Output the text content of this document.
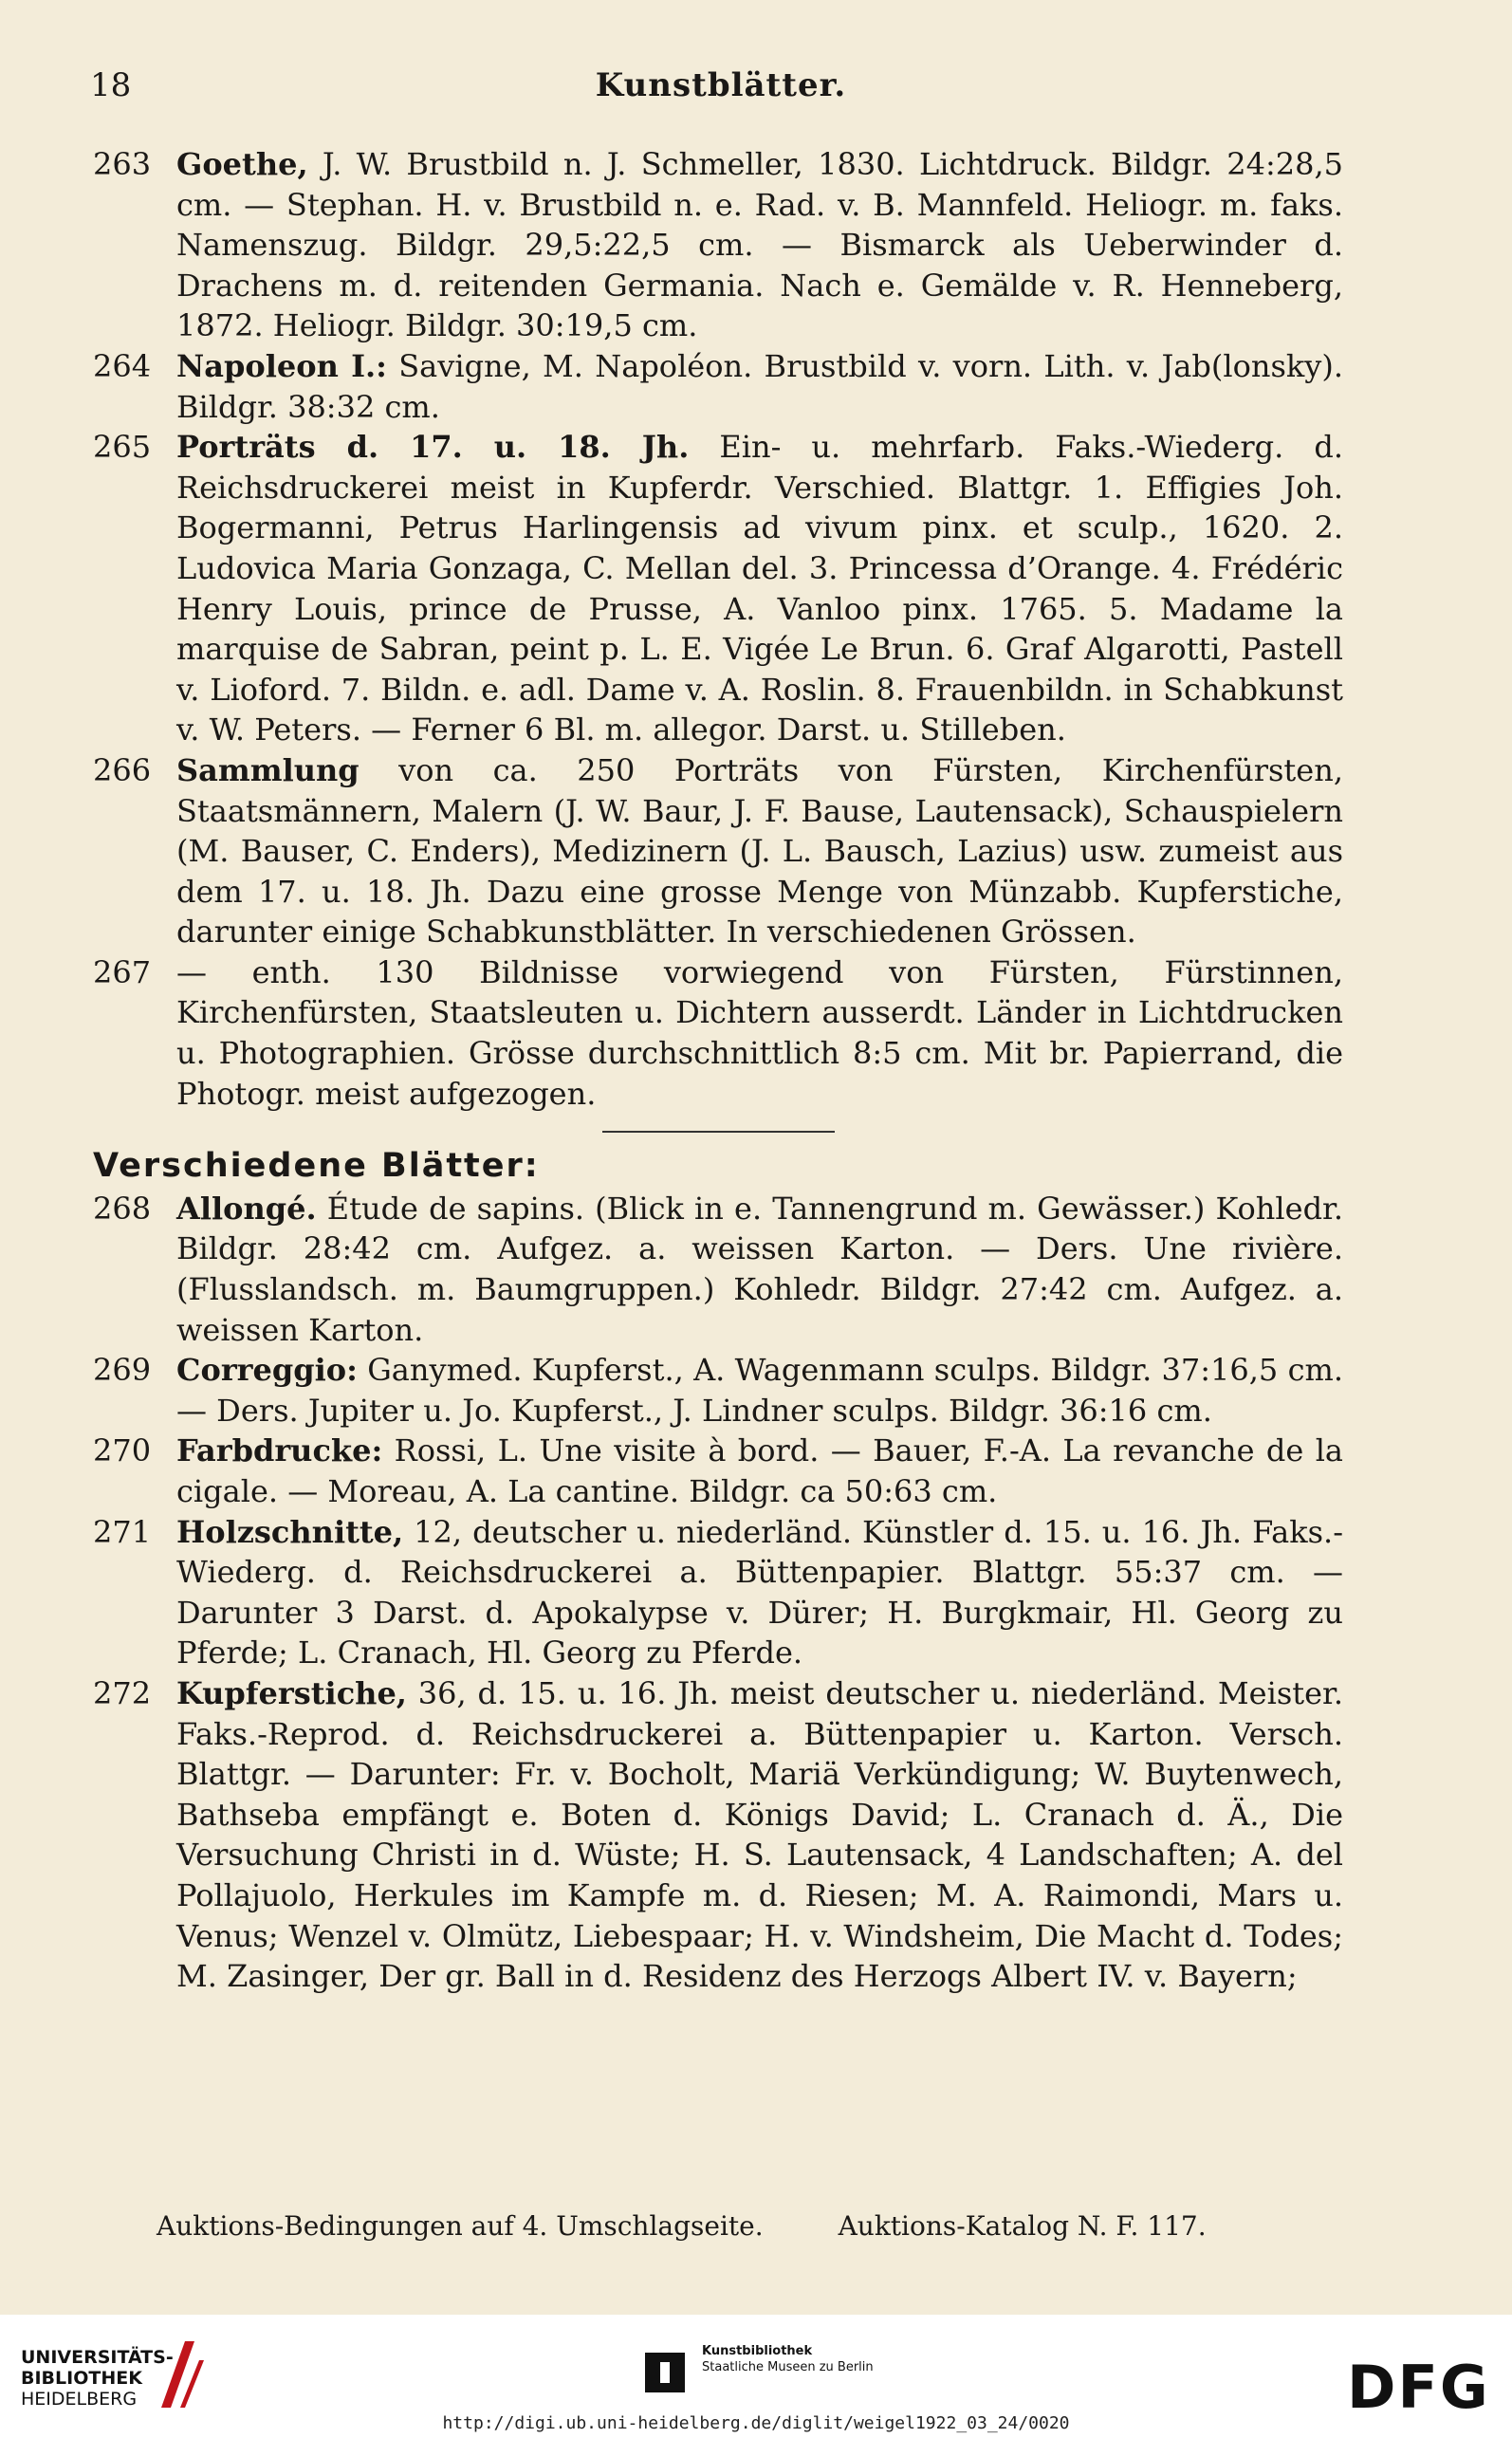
18	Kunstblätter.
263 Goethe, J. W. Brustbild n. J. Schmeller, 1830. Lichtdruck. Bildgr. 24:28,5 cm. — Stephan. H. v. Brustbild n. e. Rad. v. B. Mannfeld. Heliogr. m. faks. Namenszug. Bildgr. 29,5:22,5 cm. — Bismarck als Ueberwinder d. Drachens m. d. reitenden Germania. Nach e. Gemälde v. R. Henneberg, 1872. Heliogr. Bildgr. 30:19,5 cm.
264 Napoleon I.: Savigne, M. Napoléon. Brustbild v. vorn. Lith. v. Jab(lonsky). Bildgr. 38:32 cm.
265 Porträts d. 17. u. 18. Jh. Ein- u. mehrfarb. Faks.-Wiederg. d. Reichsdruckerei meist in Kupferdr. Verschied. Blattgr. 1. Effigies Joh. Bogermanni, Petrus Harlingensis ad vivum pinx. et sculp., 1620. 2. Ludovica Maria Gonzaga, C. Mellan del. 3. Princessa d’Orange. 4. Frédéric Henry Louis, prince de Prusse, A. Vanloo pinx. 1765. 5. Madame la marquise de Sabran, peint p. L. E. Vigée Le Brun. 6. Graf Algarotti, Pastell v. Lioford. 7. Bildn. e. adl. Dame v. A. Roslin. 8. Frauenbildn. in Schabkunst v. W. Peters. — Ferner 6 Bl. m. allegor. Darst. u. Stilleben.
266 Sammlung von ca. 250 Porträts von Fürsten, Kirchenfürsten, Staatsmännern, Malern (J. W. Baur, J. F. Bause, Lautensack), Schauspielern (M. Bauser, C. Enders), Medizinern (J. L. Bausch, Lazius) usw. zumeist aus dem 17. u. 18. Jh. Dazu eine grosse Menge von Münzabb. Kupferstiche, darunter einige Schabkunstblätter. In verschiedenen Grössen.
267 — enth. 130 Bildnisse vorwiegend von Fürsten, Fürstinnen, Kirchenfürsten, Staatsleuten u. Dichtern ausserdt. Länder in Lichtdrucken u. Photographien. Grösse durchschnittlich 8:5 cm. Mit br. Papierrand, die Photogr. meist aufgezogen.
Verschiedene Blätter:
268 Allongé. Étude de sapins. (Blick in e. Tannengrund m. Gewässer.) Kohledr. Bildgr. 28:42 cm. Aufgez. a. weissen Karton. — Ders. Une rivière. (Flusslandsch. m. Baumgruppen.) Kohledr. Bildgr. 27:42 cm. Aufgez. a. weissen Karton.
269 Correggio: Ganymed. Kupferst., A. Wagenmann sculps. Bildgr. 37:16,5 cm. — Ders. Jupiter u. Jo. Kupferst., J. Lindner sculps. Bildgr. 36:16 cm.
270 Farbdrucke: Rossi, L. Une visite à bord. — Bauer, F.-A. La revanche de la cigale. — Moreau, A. La cantine. Bildgr. ca 50:63 cm.
271 Holzschnitte, 12, deutscher u. niederländ. Künstler d. 15. u. 16. Jh. Faks.-Wiederg. d. Reichsdruckerei a. Büttenpapier. Blattgr. 55:37 cm. — Darunter 3 Darst. d. Apokalypse v. Dürer; H. Burgkmair, Hl. Georg zu Pferde; L. Cranach, Hl. Georg zu Pferde.
272 Kupferstiche, 36, d. 15. u. 16. Jh. meist deutscher u. niederländ. Meister. Faks.-Reprod. d. Reichsdruckerei a. Büttenpapier u. Karton. Versch. Blattgr. — Darunter: Fr. v. Bocholt, Mariä Verkündigung; W. Buytenwech, Bathseba empfängt e. Boten d. Königs David; L. Cranach d. Ä., Die Versuchung Christi in d. Wüste; H. S. Lautensack, 4 Landschaften; A. del Pollajuolo, Herkules im Kampfe m. d. Riesen; M. A. Raimondi, Mars u. Venus; Wenzel v. Olmütz, Liebespaar; H. v. Windsheim, Die Macht d. Todes; M. Zasinger, Der gr. Ball in d. Residenz des Herzogs Albert IV. v. Bayern;
Auktions-Bedingungen auf 4. Umschlagseite.	Auktions-Katalog N. F. 117.
UNIVERSITÄTS-
BIBLIOTHEK
HEIDELBERG
Kunstbibliothek
Staatliche Museen zu Berlin	DFG
http://digi.ub.uni-heidelberg.de/diglit/weigel1922_03_24/0020
